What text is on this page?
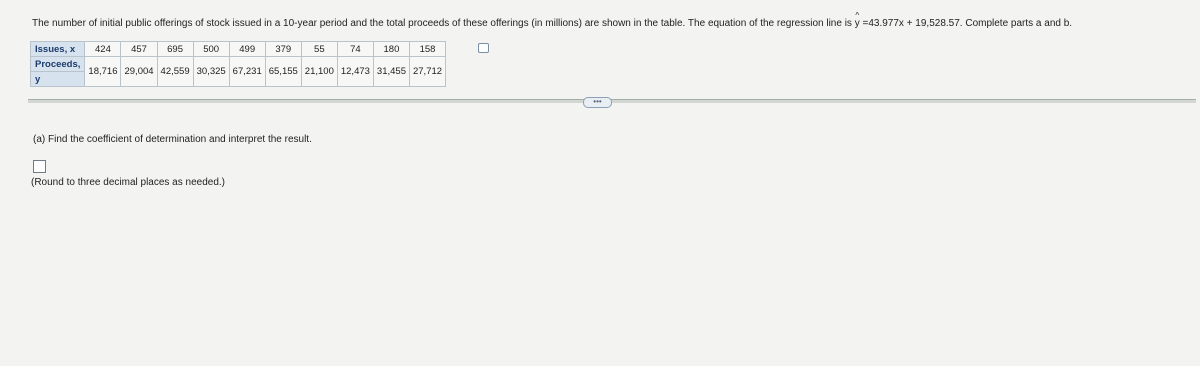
The number of initial public offerings of stock issued in a 10-year period and the total proceeds of these offerings (in millions) are shown in the table. The equation of the regression line is ^ y =43.977x + 19,528.57. Complete parts a and b.
Issues, x	424	457	695	500	499	379	55	74	180	158
Proceeds,	18,716	29,004	42,559	30,325	67,231	65,155	21,100	12,473	31,455	27,712
y										
•••
(a) Find the coefficient of determination and interpret the result.
(Round to three decimal places as needed.)
